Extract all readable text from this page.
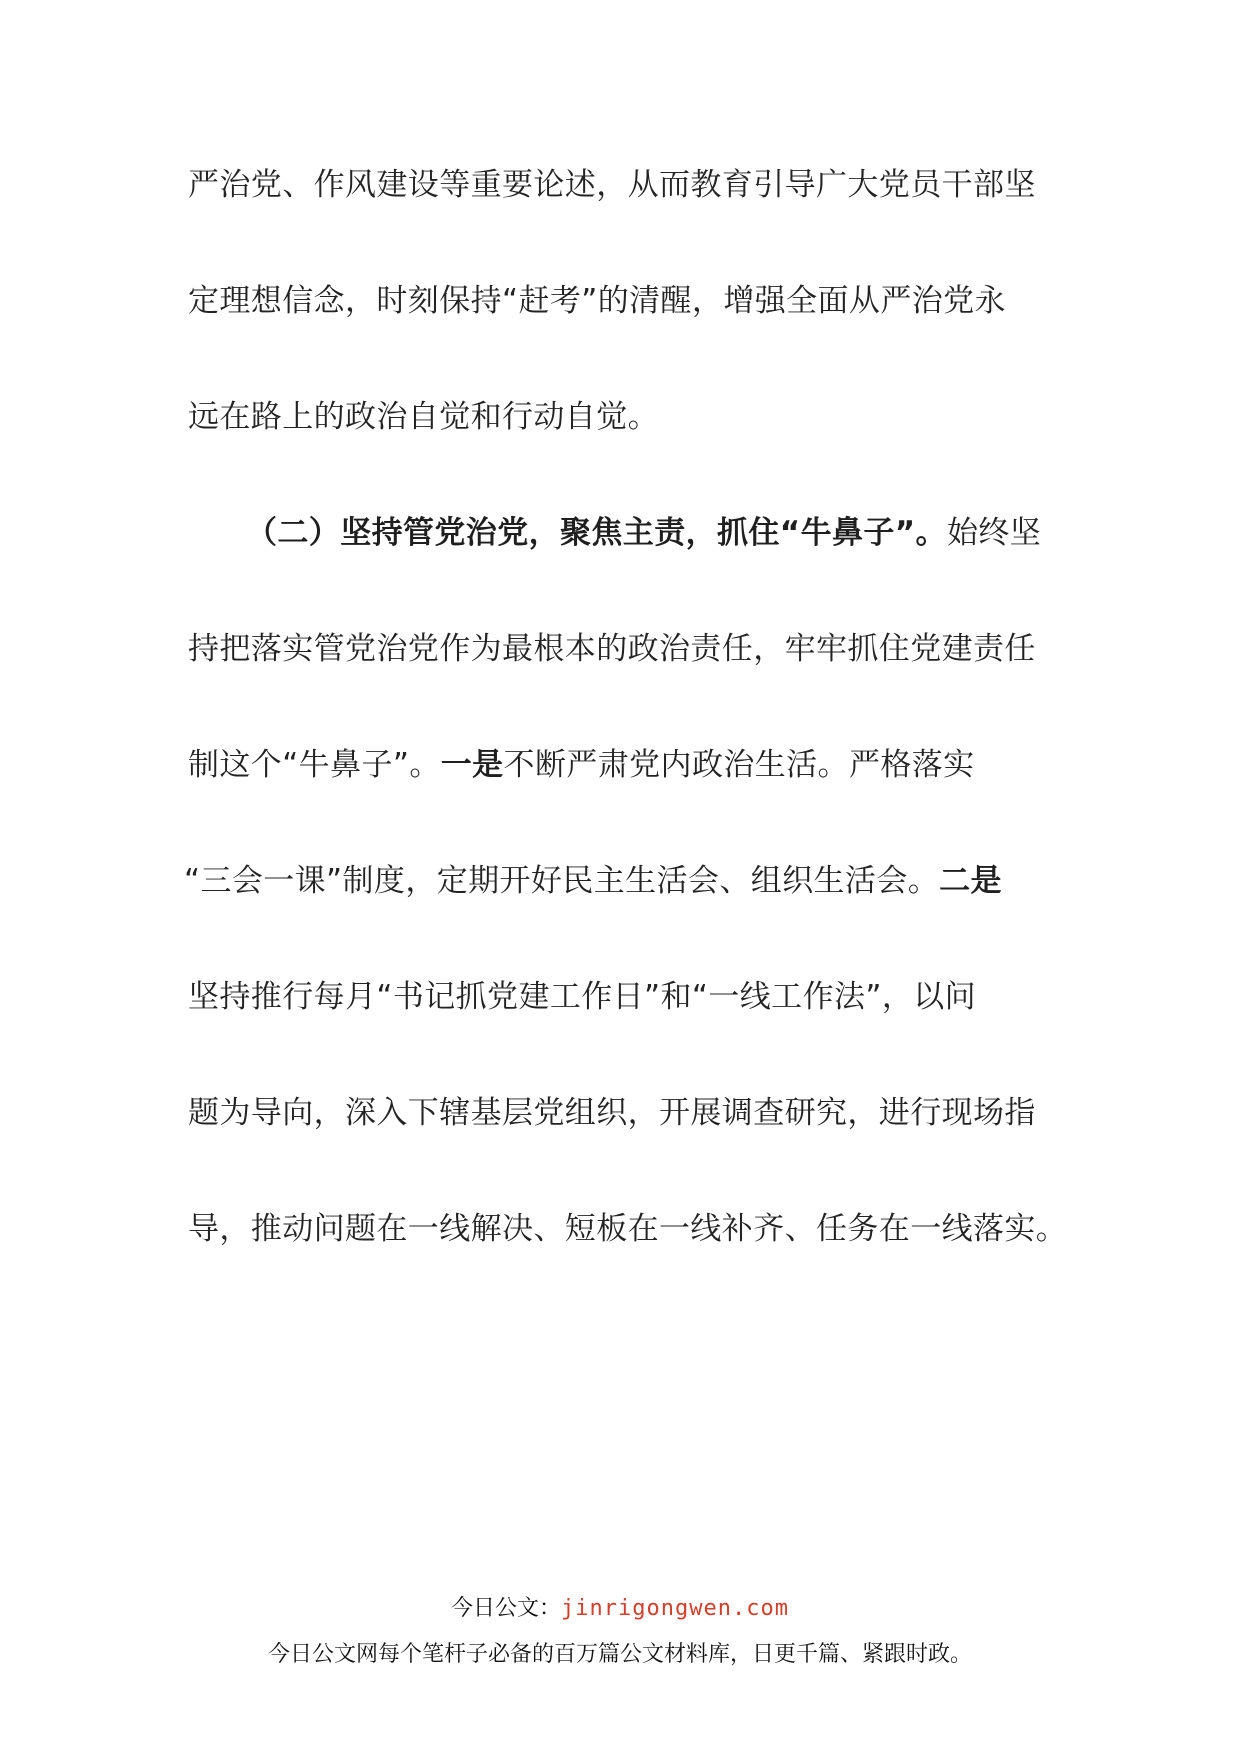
严治党、作风建设等重要论述，从而教育引导广大党员干部坚
定理想信念，时刻保持“赶考”的清醒，增强全面从严治党永
远在路上的政治自觉和行动自觉。
（二）坚持管党治党，聚焦主责，抓住“牛鼻子”。始终坚
持把落实管党治党作为最根本的政治责任，牢牢抓住党建责任
制这个“牛鼻子”。一是不断严肃党内政治生活。严格落实
“三会一课”制度，定期开好民主生活会、组织生活会。二是
坚持推行每月“书记抓党建工作日”和“一线工作法”，以问
题为导向，深入下辖基层党组织，开展调查研究，进行现场指
导，推动问题在一线解决、短板在一线补齐、任务在一线落实。
今日公文：jinrigongwen.com
今日公文网每个笔杆子必备的百万篇公文材料库，日更千篇、紧跟时政。
